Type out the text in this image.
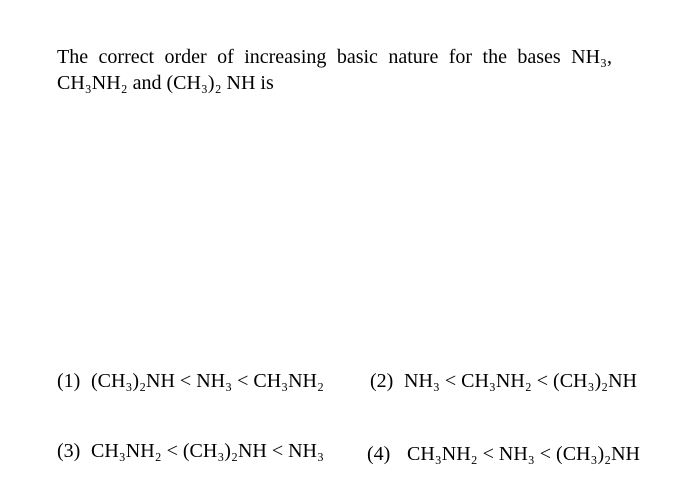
The correct order of increasing basic nature for the bases NH₃,
CH₃NH₂ and (CH₃)₂ NH is
(1) (CH₃)₂NH < NH₃ < CH₃NH₂ (2) NH₃ < CH₃NH₂ < (CH₃)₂NH
(3) CH₃NH₂ < (CH₃)₂NH < NH₃ (4) CH₃NH₂ < NH₃ < (CH₃)₂NH
